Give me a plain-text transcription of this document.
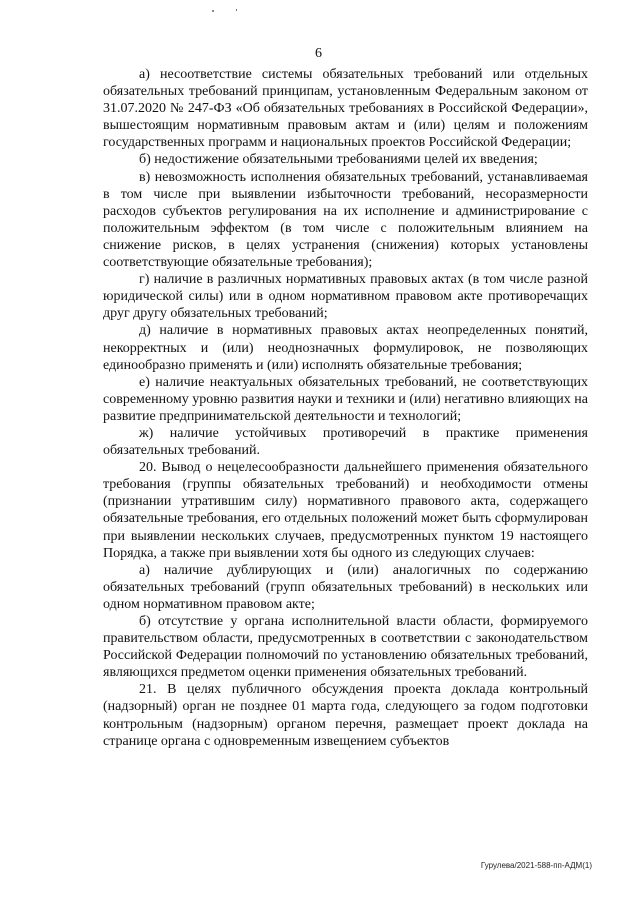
6

а) несоответствие системы обязательных требований или отдельных обязательных требований принципам, установленным Федеральным законом от 31.07.2020 № 247-ФЗ «Об обязательных требованиях в Российской Федерации», вышестоящим нормативным правовым актам и (или) целям и положениям государственных программ и национальных проектов Российской Федерации;

б) недостижение обязательными требованиями целей их введения;

в) невозможность исполнения обязательных требований, устанавливаемая в том числе при выявлении избыточности требований, несоразмерности расходов субъектов регулирования на их исполнение и администрирование с положительным эффектом (в том числе с положительным влиянием на снижение рисков, в целях устранения (снижения) которых установлены соответствующие обязательные требования);

г) наличие в различных нормативных правовых актах (в том числе разной юридической силы) или в одном нормативном правовом акте противоречащих друг другу обязательных требований;

д) наличие в нормативных правовых актах неопределенных понятий, некорректных и (или) неоднозначных формулировок, не позволяющих единообразно применять и (или) исполнять обязательные требования;

е) наличие неактуальных обязательных требований, не соответствующих современному уровню развития науки и техники и (или) негативно влияющих на развитие предпринимательской деятельности и технологий;

ж) наличие устойчивых противоречий в практике применения обязательных требований.

20. Вывод о нецелесообразности дальнейшего применения обязательного требования (группы обязательных требований) и необходимости отмены (признании утратившим силу) нормативного правового акта, содержащего обязательные требования, его отдельных положений может быть сформулирован при выявлении нескольких случаев, предусмотренных пунктом 19 настоящего Порядка, а также при выявлении хотя бы одного из следующих случаев:

а) наличие дублирующих и (или) аналогичных по содержанию обязательных требований (групп обязательных требований) в нескольких или одном нормативном правовом акте;

б) отсутствие у органа исполнительной власти области, формируемого правительством области, предусмотренных в соответствии с законодательством Российской Федерации полномочий по установлению обязательных требований, являющихся предметом оценки применения обязательных требований.

21. В целях публичного обсуждения проекта доклада контрольный (надзорный) орган не позднее 01 марта года, следующего за годом подготовки контрольным (надзорным) органом перечня, размещает проект доклада на странице органа с одновременным извещением субъектов

Гурулева/2021-588-пп-АДМ(1)
